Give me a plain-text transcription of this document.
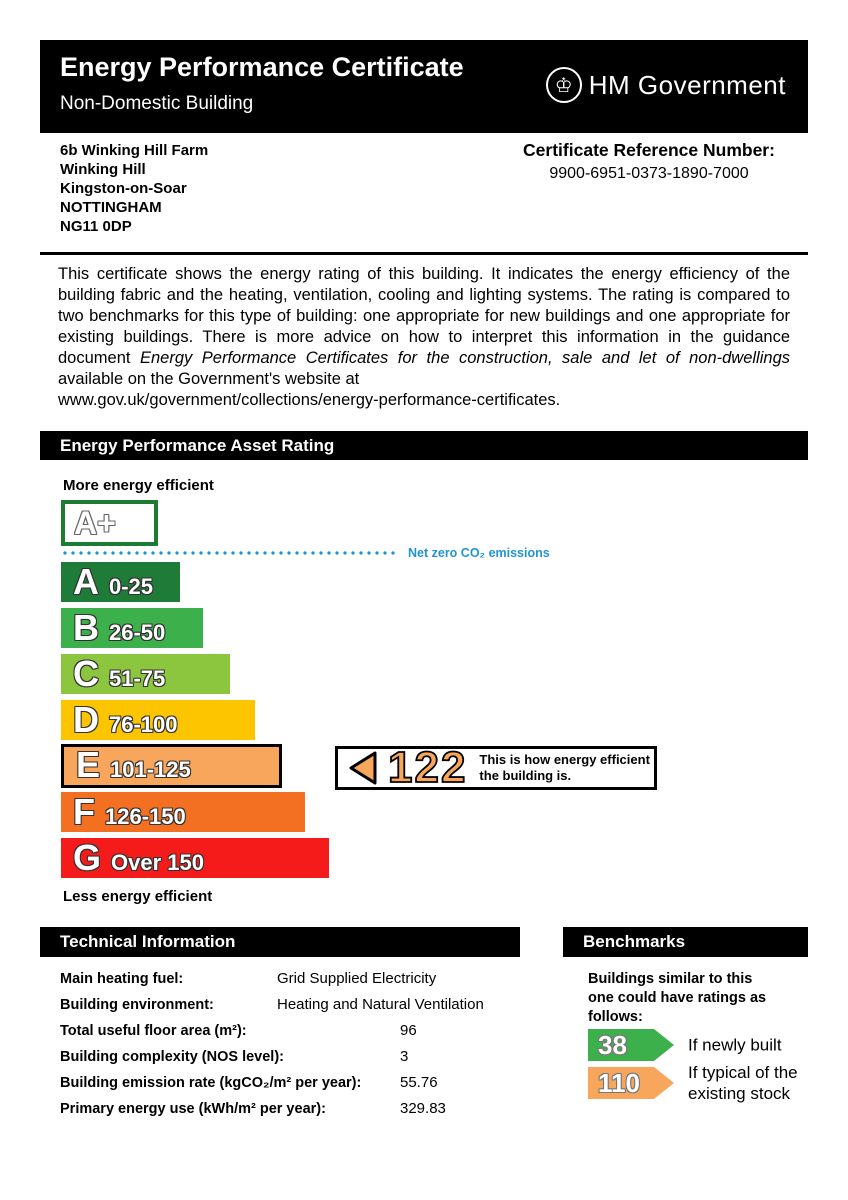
Energy Performance Certificate
Non-Domestic Building
♔ HM Government
6b Winking Hill Farm
Winking Hill
Kingston-on-Soar
NOTTINGHAM
NG11 0DP
Certificate Reference Number:
9900-6951-0373-1890-7000

This certificate shows the energy rating of this building. It indicates the energy efficiency of the building fabric and the heating, ventilation, cooling and lighting systems. The rating is compared to two benchmarks for this type of building: one appropriate for new buildings and one appropriate for existing buildings. There is more advice on how to interpret this information in the guidance document Energy Performance Certificates for the construction, sale and let of non-dwellings available on the Government's website at
www.gov.uk/government/collections/energy-performance-certificates.

Energy Performance Asset Rating
More energy efficient
A+
Net zero CO₂ emissions
A 0-25
B 26-50
C 51-75
D 76-100
E 101-125
F 126-150
G Over 150
122 This is how energy efficient
the building is.
Less energy efficient
Technical Information
Main heating fuel:	Grid Supplied Electricity
Building environment:	Heating and Natural Ventilation
Total useful floor area (m²):	96
Building complexity (NOS level):	3
Building emission rate (kgCO₂/m² per year):	55.76
Primary energy use (kWh/m² per year):	329.83
Benchmarks
Buildings similar to this
one could have ratings as
follows:
38	If newly built
110	If typical of the
existing stock
